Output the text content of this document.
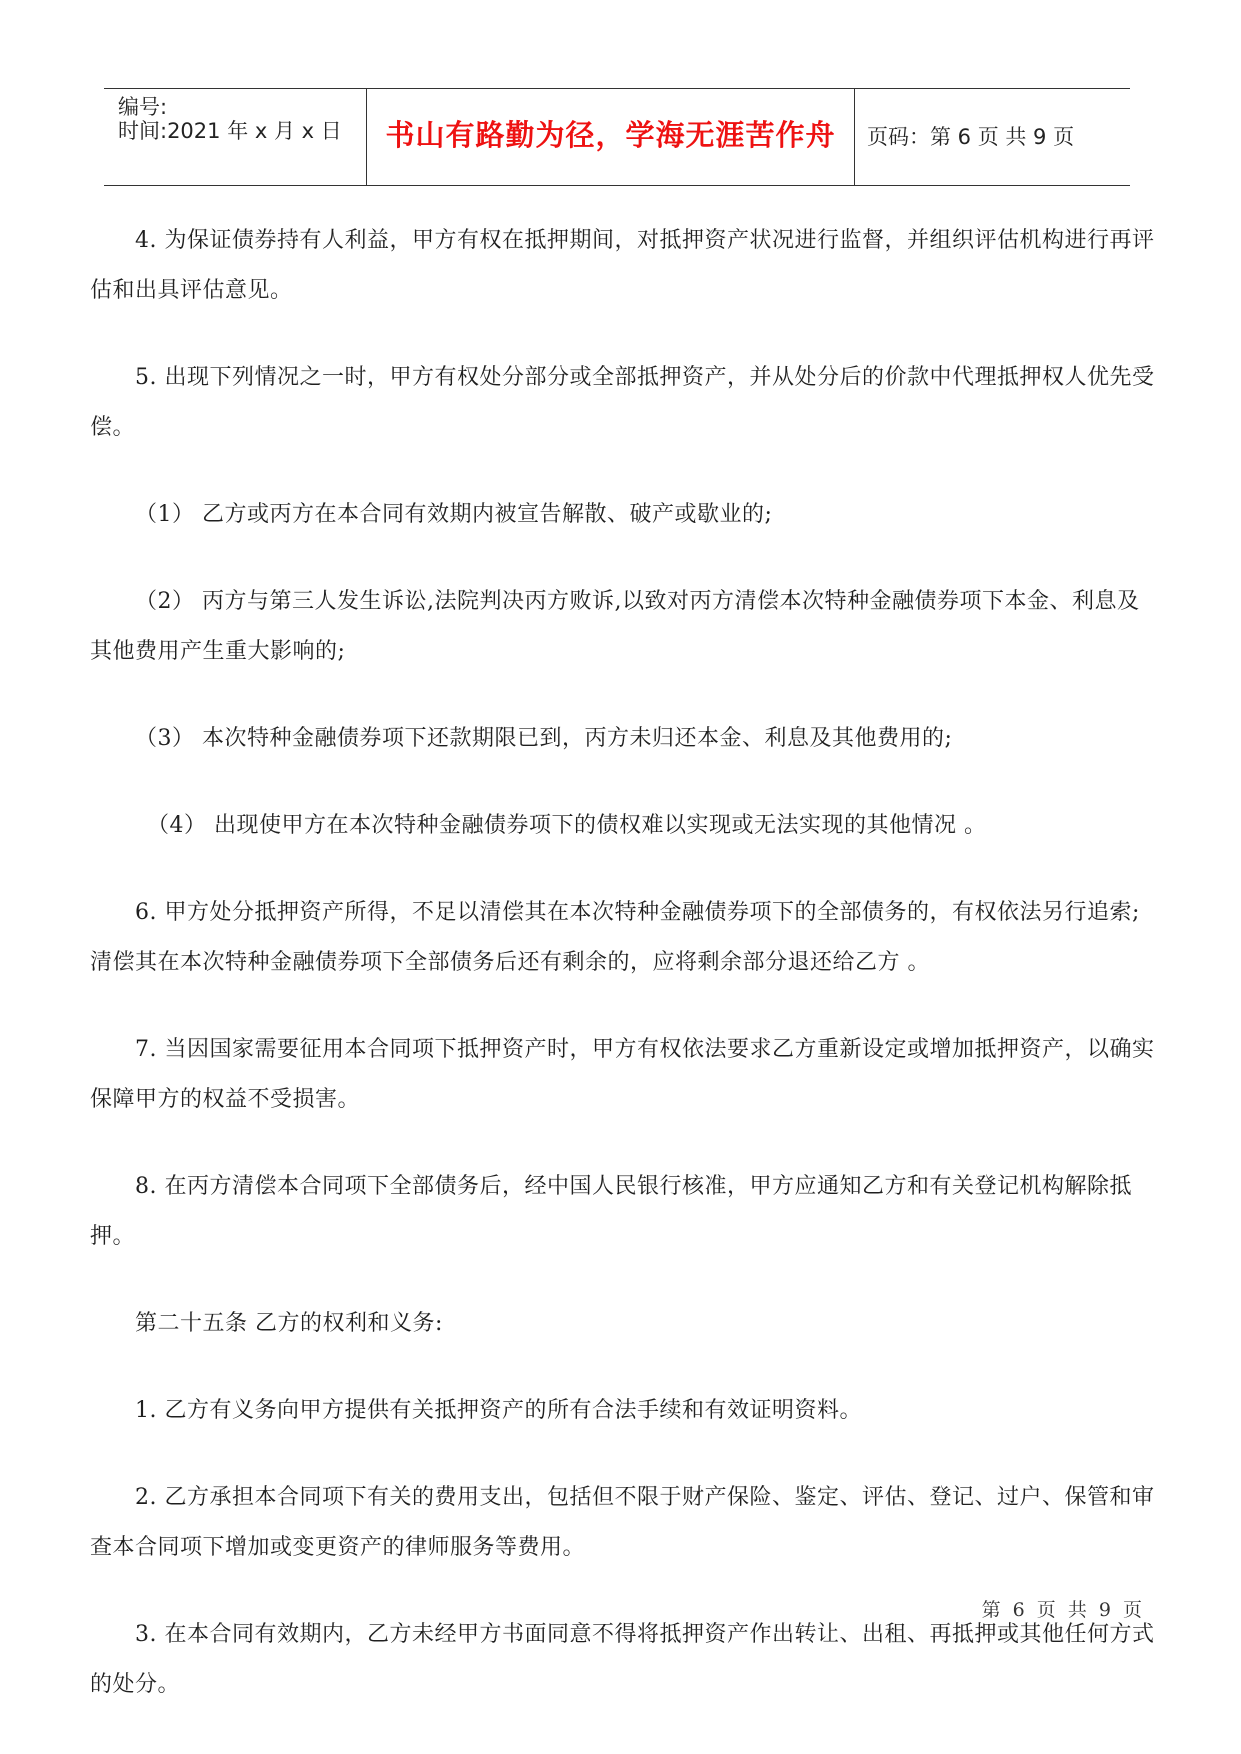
编号:
时间:2021 年 x 月 x 日	书山有路勤为径，学海无涯苦作舟	页码：第 6 页 共 9 页

4. 为保证债券持有人利益，甲方有权在抵押期间，对抵押资产状况进行监督，并组织评估机构进行再评估和出具评估意见。

5. 出现下列情况之一时，甲方有权处分部分或全部抵押资产，并从处分后的价款中代理抵押权人优先受偿。

（1） 乙方或丙方在本合同有效期内被宣告解散、破产或歇业的;

（2） 丙方与第三人发生诉讼,法院判决丙方败诉,以致对丙方清偿本次特种金融债券项下本金、利息及其他费用产生重大影响的;

（3） 本次特种金融债券项下还款期限已到，丙方未归还本金、利息及其他费用的;

（4） 出现使甲方在本次特种金融债券项下的债权难以实现或无法实现的其他情况 。

6. 甲方处分抵押资产所得，不足以清偿其在本次特种金融债券项下的全部债务的，有权依法另行追索;清偿其在本次特种金融债券项下全部债务后还有剩余的，应将剩余部分退还给乙方 。

7. 当因国家需要征用本合同项下抵押资产时，甲方有权依法要求乙方重新设定或增加抵押资产，以确实保障甲方的权益不受损害。

8. 在丙方清偿本合同项下全部债务后，经中国人民银行核准，甲方应通知乙方和有关登记机构解除抵押。

第二十五条 乙方的权利和义务:

1. 乙方有义务向甲方提供有关抵押资产的所有合法手续和有效证明资料。

2. 乙方承担本合同项下有关的费用支出，包括但不限于财产保险、鉴定、评估、登记、过户、保管和审查本合同项下增加或变更资产的律师服务等费用。

3. 在本合同有效期内，乙方未经甲方书面同意不得将抵押资产作出转让、出租、再抵押或其他任何方式的处分。

第 6 页 共 9 页
